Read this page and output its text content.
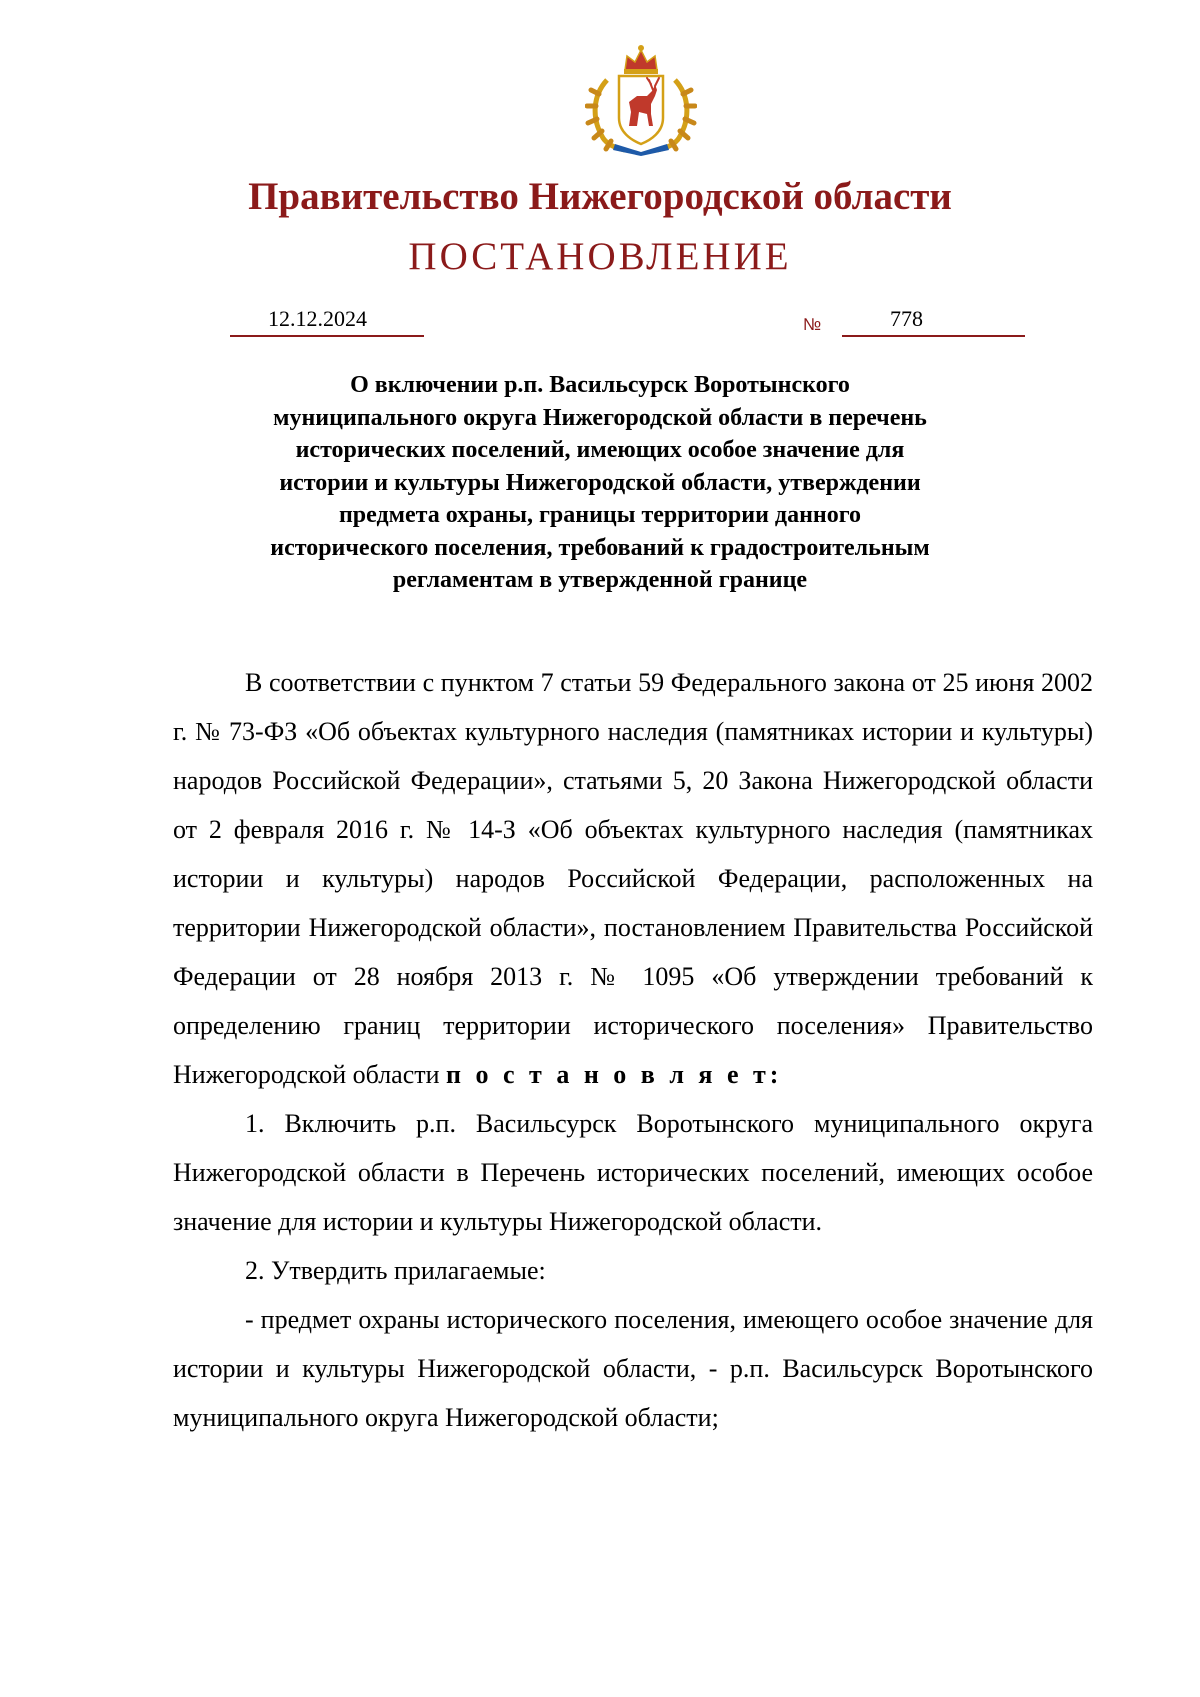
Правительство Нижегородской области
ПОСТАНОВЛЕНИЕ
12.12.2024	№	778
О включении р.п. Васильсурск Воротынского
муниципального округа Нижегородской области в перечень
исторических поселений, имеющих особое значение для
истории и культуры Нижегородской области, утверждении
предмета охраны, границы территории данного
исторического поселения, требований к градостроительным
регламентам в утвержденной границе

В соответствии с пунктом 7 статьи 59 Федерального закона от 25 июня 2002 г. № 73-ФЗ «Об объектах культурного наследия (памятниках истории и культуры) народов Российской Федерации», статьями 5, 20 Закона Нижегородской области от 2 февраля 2016 г. № 14-З «Об объектах культурного наследия (памятниках истории и культуры) народов Российской Федерации, расположенных на территории Нижегородской области», постановлением Правительства Российской Федерации от 28 ноября 2013 г. № 1095 «Об утверждении требований к определению границ территории исторического поселения» Правительство Нижегородской области п о с т а н о в л я е т:

1. Включить р.п. Васильсурск Воротынского муниципального округа Нижегородской области в Перечень исторических поселений, имеющих особое значение для истории и культуры Нижегородской области.

2. Утвердить прилагаемые:

- предмет охраны исторического поселения, имеющего особое значение для истории и культуры Нижегородской области, - р.п. Васильсурск Воротынского муниципального округа Нижегородской области;
